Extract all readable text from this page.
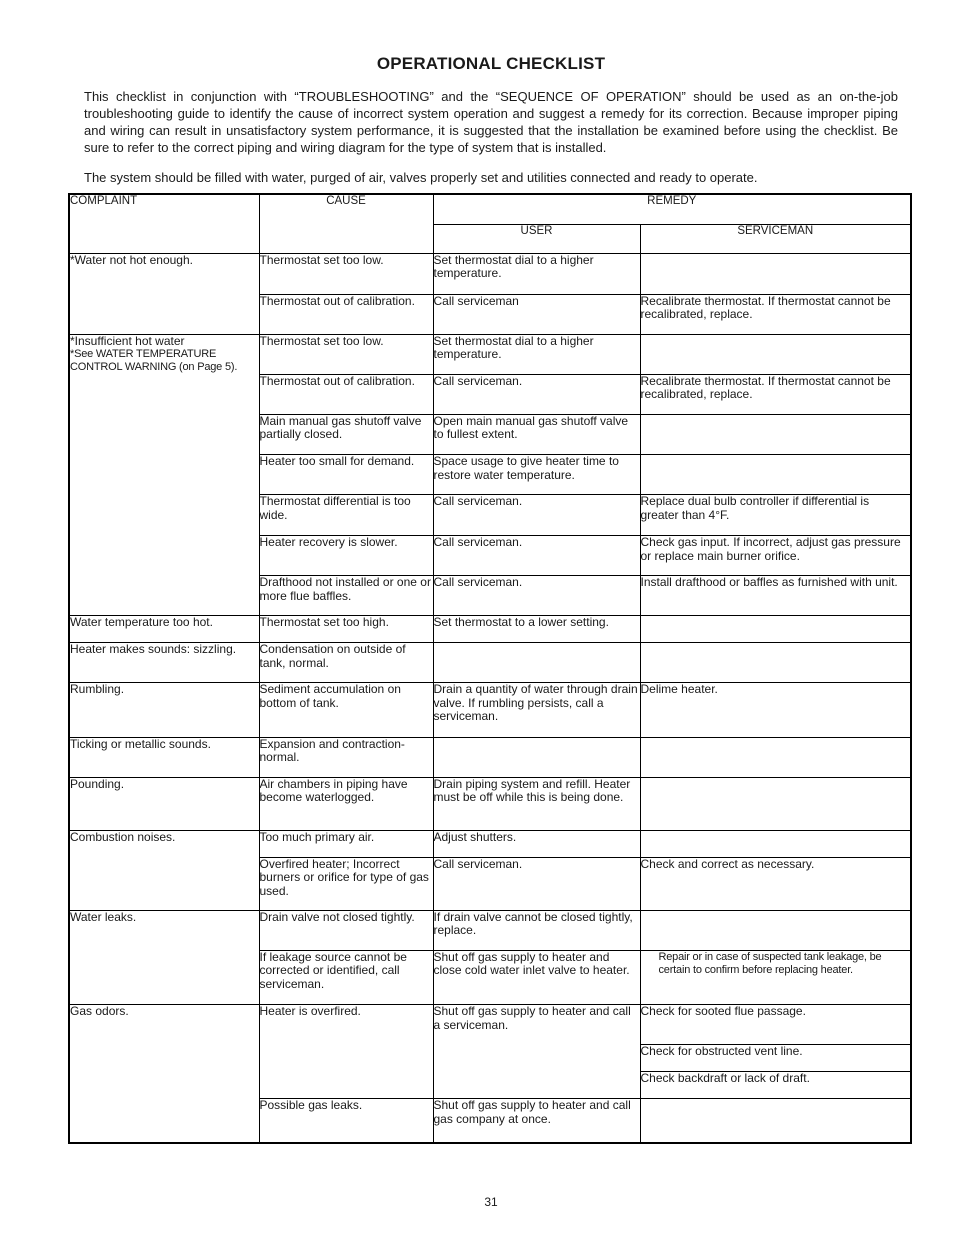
OPERATIONAL CHECKLIST

This checklist in conjunction with “TROUBLESHOOTING” and the “SEQUENCE OF OPERATION” should be used as an on-the-job troubleshooting guide to identify the cause of incorrect system operation and suggest a remedy for its correction. Because improper piping and wiring can result in unsatisfactory system performance, it is suggested that the installation be examined before using the checklist. Be sure to refer to the correct piping and wiring diagram for the type of system that is installed.

The system should be filled with water, purged of air, valves properly set and utilities connected and ready to operate.

COMPLAINT	CAUSE	REMEDY	
		USER	SERVICEMAN
*Water not hot enough.	Thermostat set too low.	Set thermostat dial to a higher temperature.	
	Thermostat out of calibration.	Call serviceman	Recalibrate thermostat. If thermostat cannot be recalibrated, replace.

*Insufficient hot water
*See WATER TEMPERATURE CONTROL WARNING (on Page 5).	Thermostat set too low.	Set thermostat dial to a higher temperature.	
	Thermostat out of calibration.	Call serviceman.	Recalibrate thermostat. If thermostat cannot be recalibrated, replace.
	Main manual gas shutoff valve partially closed.	Open main manual gas shutoff valve to fullest extent.	
	Heater too small for demand.	Space usage to give heater time to restore water temperature.	
	Thermostat differential is too wide.	Call serviceman.	Replace dual bulb controller if differential is greater than 4°F.
	Heater recovery is slower.	Call serviceman.	Check gas input. If incorrect, adjust gas pressure or replace main burner orifice.
	Drafthood not installed or one or more flue baffles.	Call serviceman.	Install drafthood or baffles as furnished with unit.
Water temperature too hot.	Thermostat set too high.	Set thermostat to a lower setting.	
Heater makes sounds: sizzling.	Condensation on outside of tank, normal.		
Rumbling.	Sediment accumulation on bottom of tank.	Drain a quantity of water through drain valve. If rumbling persists, call a serviceman.	Delime heater.
Ticking or metallic sounds.	Expansion and contraction-normal.		
Pounding.	Air chambers in piping have become waterlogged.	Drain piping system and refill. Heater must be off while this is being done.	
Combustion noises.	Too much primary air.	Adjust shutters.	
	Overfired heater; Incorrect burners or orifice for type of gas used.	Call serviceman.	Check and correct as necessary.
Water leaks.	Drain valve not closed tightly.	If drain valve cannot be closed tightly, replace.	
	If leakage source cannot be corrected or identified, call serviceman.	Shut off gas supply to heater and close cold water inlet valve to heater.	Repair or in case of suspected tank leakage, be certain to confirm before replacing heater.
Gas odors.	Heater is overfired.	Shut off gas supply to heater and call a serviceman.	Check for sooted flue passage.
			Check for obstructed vent line.
			Check backdraft or lack of draft.
	Possible gas leaks.	Shut off gas supply to heater and call gas company at once.	
31
